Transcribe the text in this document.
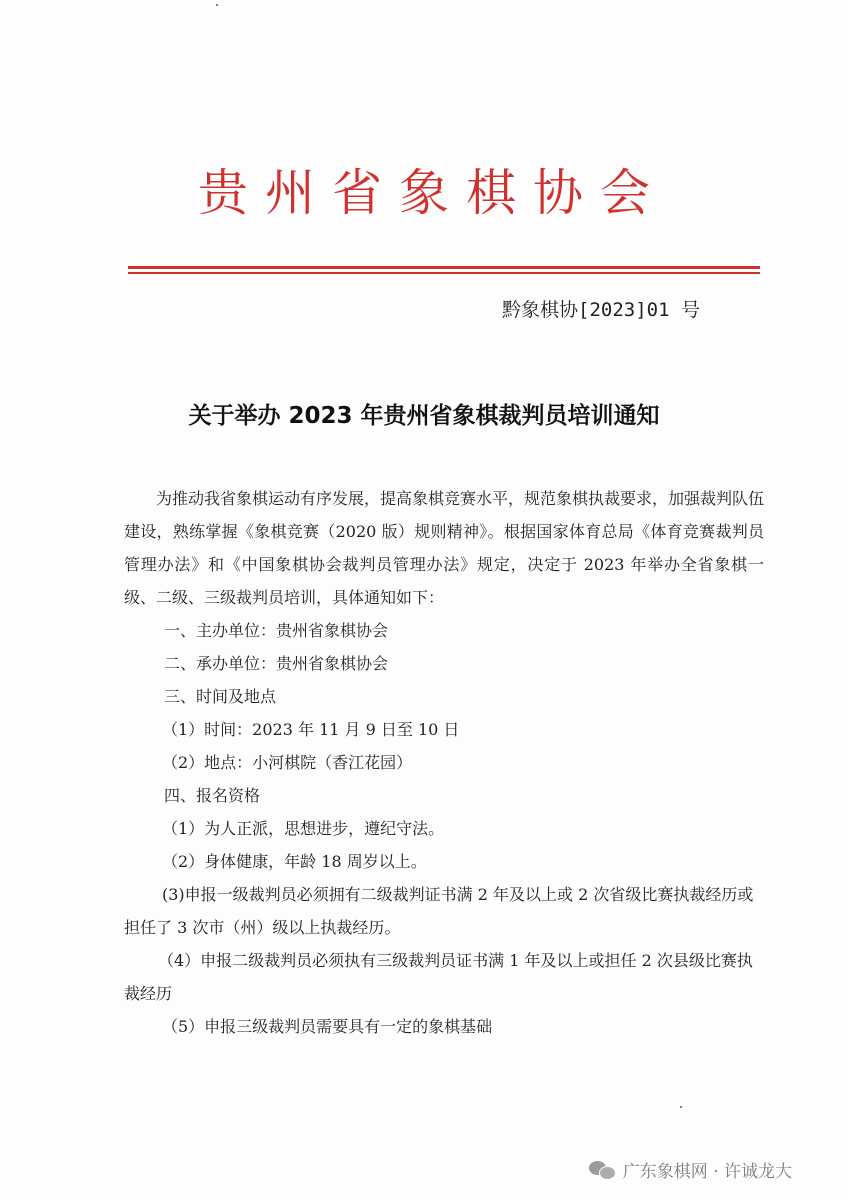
贵州省象棋协会
黔象棋协[2023]01 号
关于举办 2023 年贵州省象棋裁判员培训通知

为推动我省象棋运动有序发展，提高象棋竞赛水平，规范象棋执裁要求，加强裁判队伍建设，熟练掌握《象棋竞赛（2020 版）规则精神》。根据国家体育总局《体育竞赛裁判员管理办法》和《中国象棋协会裁判员管理办法》规定，决定于 2023 年举办全省象棋一级、二级、三级裁判员培训，具体通知如下：

一、主办单位：贵州省象棋协会

二、承办单位：贵州省象棋协会

三、时间及地点

（1）时间：2023 年 11 月 9 日至 10 日

（2）地点：小河棋院（香江花园）

四、报名资格

（1）为人正派，思想进步，遵纪守法。

（2）身体健康，年龄 18 周岁以上。

(3)申报一级裁判员必须拥有二级裁判证书满 2 年及以上或 2 次省级比赛执裁经历或担任了 3 次市（州）级以上执裁经历。

（4）申报二级裁判员必须执有三级裁判员证书满 1 年及以上或担任 2 次县级比赛执裁经历

（5）申报三级裁判员需要具有一定的象棋基础

广东象棋网 · 许诚龙大
